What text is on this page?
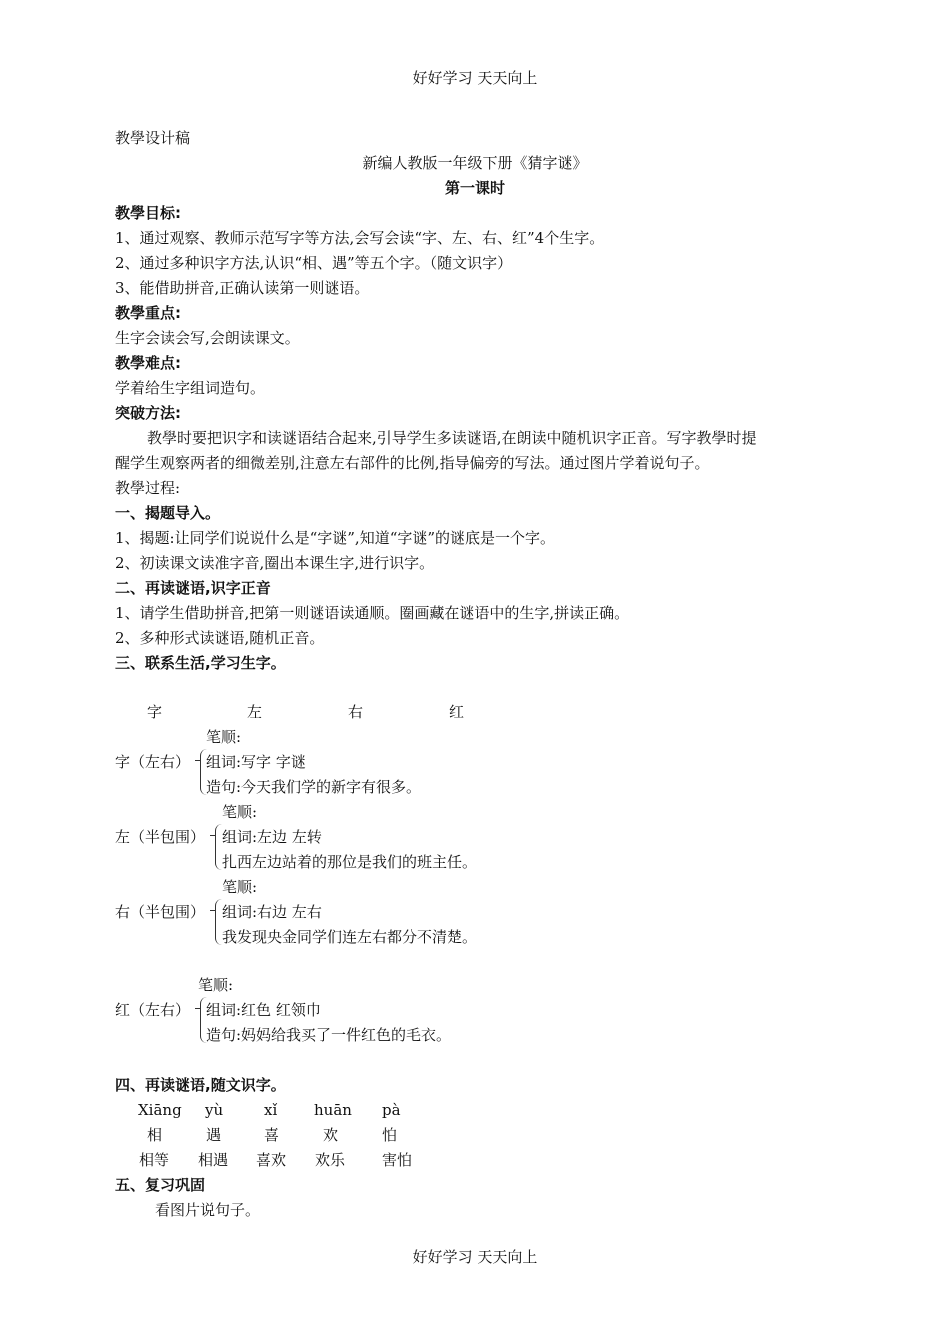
好好学习 天天向上
教學设计稿
新编人教版一年级下册《猜字谜》
第一课时
教學目标:
1、通过观察、教师示范写字等方法,会写会读“字、左、右、红”4个生字。
2、通过多种识字方法,认识“相、遇”等五个字。（随文识字）
3、能借助拼音,正确认读第一则谜语。
教學重点:
生字会读会写,会朗读课文。
教學难点:
学着给生字组词造句。
突破方法:
教學时要把识字和读谜语结合起来,引导学生多读谜语,在朗读中随机识字正音。写字教學时提
醒学生观察两者的细微差别,注意左右部件的比例,指导偏旁的写法。通过图片学着说句子。
教學过程:
一、揭题导入。
1、揭题:让同学们说说什么是“字谜”,知道“字谜”的谜底是一个字。
2、初读课文读准字音,圈出本课生字,进行识字。
二、再读谜语,识字正音
1、请学生借助拼音,把第一则谜语读通顺。圈画藏在谜语中的生字,拼读正确。
2、多种形式读谜语,随机正音。
三、联系生活,学习生字。
字	左	右	红
笔顺:
字（左右） 组词:写字 字谜
造句:今天我们学的新字有很多。
笔顺:
左（半包围） 组词:左边 左转
扎西左边站着的那位是我们的班主任。
笔顺:
右（半包围） 组词:右边 左右
我发现央金同学们连左右都分不清楚。
笔顺:
红（左右） 组词:红色 红领巾
造句:妈妈给我买了一件红色的毛衣。
四、再读谜语,随文识字。
Xiāng yù	xǐ huān pà
相	遇	喜	欢	怕
相等 相遇 喜欢 欢乐 害怕
五、复习巩固
看图片说句子。
好好学习 天天向上
